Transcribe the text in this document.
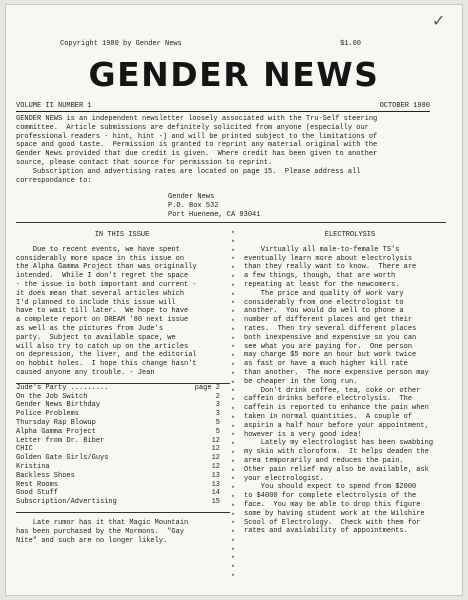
✓
Copyright 1980 by Gender News	$1.00
GENDER NEWS
VOLUME II NUMBER 1	OCTOBER 1980
GENDER NEWS is an independent newsletter loosely associated with the Tru-Self steering
committee.  Article submissions are definitely solicited from anyone (especially our
professional readers - hint, hint -) and will be printed subject to the limitations of
space and good taste.  Permission is granted to reprint any material original with the
Gender News provided that due credit is given.  Where credit has been given to another
source, please contact that source for permission to reprint.
Subscription and advertising rates are located on page 15.  Please address all
correspondance to:
Gender News
P.O. Box 532
Port Hueneme, CA 93041
*
*
*
*
*
*
*
*
*
*
*
*
*
*
*
*
*
*
*
*
*
*
*
*
*
*
*
*
*
*
*
*
*
*
*
*
*
*
*
*
IN THIS ISSUE
Due to recent events, we have spent
considerably more space in this issue on
the Alpha Gamma Project than was originally
intended.  While I don't regret the space
- the issue is both important and current -
it does mean that several articles which
I'd planned to include this issue will
have to wait till later.  We hope to have
a complete report on DREAM '80 next issue
as well as the pictures from Jude's
party.  Subject to available space, we
will also try to catch up on the articles
on depression, the liver, and the editorial
on hobbit holes.  I hope this change hasn't
caused anyone any trouble. - Jean
Jude's Party .........	page 2
On the Job Switch	2
Gender News Birthday	3
Police Problems	3
Thursday Rap Blowup	5
Alpha Gamma Project	5
Letter from Dr. Biber	12
CHIC	12
Golden Gate Girls/Guys	12
Kristina	12
Backless Shoes	13
Rest Rooms	13
Good Stuff	14
Subscription/Advertising	15
Late rumor has it that Magic Mountain
has been purchased by the Mormons.  "Gay
Nite" and such are no longer likely.
ELECTROLYSIS
Virtually all male-to-female TS's
eventually learn more about electrolysis
than they really want to know.  There are
a few things, though, that are worth
repeating at least for the newcomers.
The price and quality of work vary
considerably from one electrologist to
another.  You would do well to phone a
number of different places and get their
rates.  Then try several different places
both inexpensive and expensive so you can
see what you are paying for.  One person
may charge $5 more an hour but work twice
as fast or have a much higher kill rate
than another.  The more expensive person may
be cheaper in the long run.
Don't drink coffee, tea, coke or other
caffein drinks before electrolysis.  The
caffein is reported to enhance the pain when
taken in normal quantities.  A couple of
aspirin a half hour before your appointment,
however is a very good idea!
Lately my electrologist has been swabbing
my skin with cloroform.  It helps deaden the
area temporarily and reduces the pain.
Other pain relief may also be available, ask
your electrologist.
You should expect to spend from $2000
to $4000 for complete electrolysis of the
face.  You may be able to drop this figure
some by having student work at the Wilshire
Scool of Electrology.  Check with them for
rates and availability of appointments.
